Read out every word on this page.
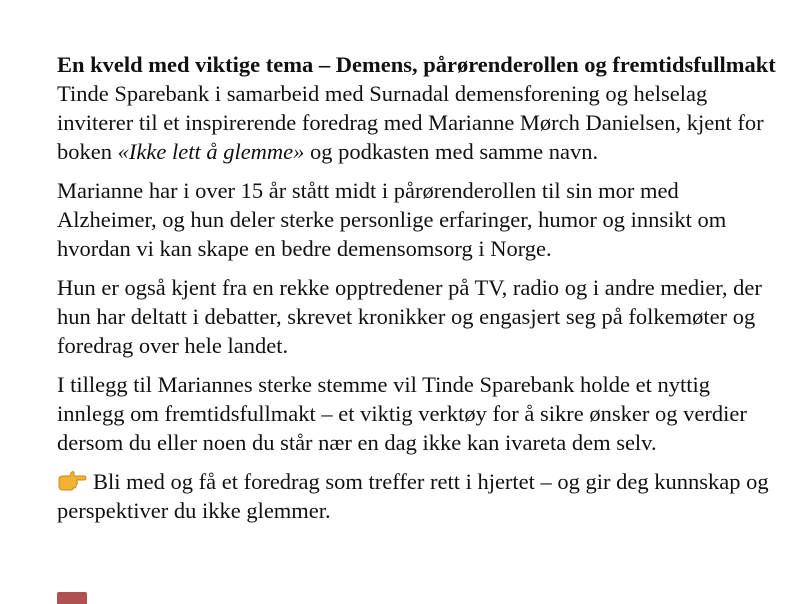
En kveld med viktige tema – Demens, pårørenderollen og fremtidsfullmakt

Tinde Sparebank i samarbeid med Surnadal demensforening og helselag inviterer til et inspirerende foredrag med Marianne Mørch Danielsen, kjent for boken «Ikke lett å glemme» og podkasten med samme navn.

Marianne har i over 15 år stått midt i pårørenderollen til sin mor med Alzheimer, og hun deler sterke personlige erfaringer, humor og innsikt om hvordan vi kan skape en bedre demensomsorg i Norge.

Hun er også kjent fra en rekke opptredener på TV, radio og i andre medier, der hun har deltatt i debatter, skrevet kronikker og engasjert seg på folkemøter og foredrag over hele landet.

I tillegg til Mariannes sterke stemme vil Tinde Sparebank holde et nyttig innlegg om fremtidsfullmakt – et viktig verktøy for å sikre ønsker og verdier dersom du eller noen du står nær en dag ikke kan ivareta dem selv.

Bli med og få et foredrag som treffer rett i hjertet – og gir deg kunnskap og perspektiver du ikke glemmer.
